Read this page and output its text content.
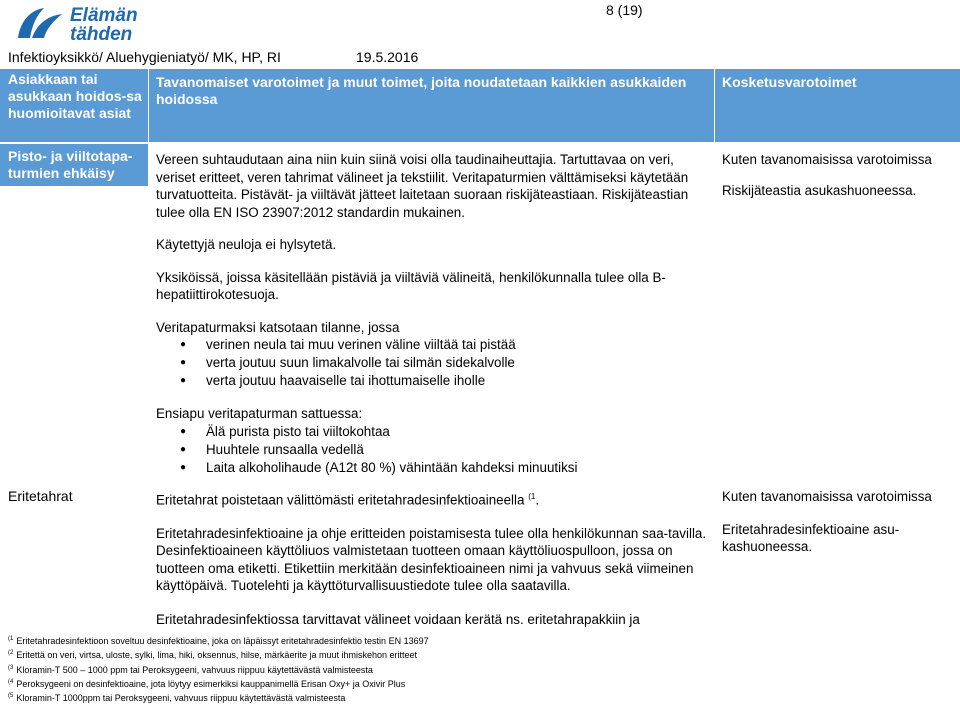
Elämän
tähden
8 (19)
Infektioyksikkö/ Aluehygieniatyö/ MK, HP, RI	19.5.2016
Asiakkaan tai asukkaan hoidos-sa huomioitavat asiat
Tavanomaiset varotoimet ja muut toimet, joita noudatetaan kaikkien asukkaiden hoidossa
Kosketusvarotoimet
Pisto- ja viiltotapa-turmien ehkäisy
Vereen suhtaudutaan aina niin kuin siinä voisi olla taudinaiheuttajia. Tartuttavaa on veri, veriset eritteet, veren tahrimat välineet ja tekstiilit. Veritapaturmien välttämiseksi käytetään turvatuotteita. Pistävät- ja viiltävät jätteet laitetaan suoraan riskijäteastiaan. Riskijäteastian tulee olla EN ISO 23907:2012 standardin mukainen.
Käytettyjä neuloja ei hylsytetä.
Yksiköissä, joissa käsitellään pistäviä ja viiltäviä välineitä, henkilökunnalla tulee olla B-hepatiittirokotesuoja.
Veritapaturmaksi katsotaan tilanne, jossa
● verinen neula tai muu verinen väline viiltää tai pistää
● verta joutuu suun limakalvolle tai silmän sidekalvolle
● verta joutuu haavaiselle tai ihottumaiselle iholle
Ensiapu veritapaturman sattuessa:
● Älä purista pisto tai viiltokohtaa
● Huuhtele runsaalla vedellä
● Laita alkoholihaude (A12t 80 %) vähintään kahdeksi minuutiksi
Kuten tavanomaisissa varotoimissa
Riskijäteastia asukashuoneessa.
Eritetahrat	Eritetahrat poistetaan välittömästi eritetahradesinfektioaineella $^{(1}$.
Eritetahradesinfektioaine ja ohje eritteiden poistamisesta tulee olla henkilökunnan saa-tavilla. Desinfektioaineen käyttöliuos valmistetaan tuotteen omaan käyttöliuospulloon, jossa on tuotteen oma etiketti. Etikettiin merkitään desinfektioaineen nimi ja vahvuus sekä viimeinen käyttöpäivä. Tuotelehti ja käyttöturvallisuustiedote tulee olla saatavilla.
Eritetahradesinfektiossa tarvittavat välineet voidaan kerätä ns. eritetahrapakkiin ja
Kuten tavanomaisissa varotoimissa
Eritetahradesinfektioaine asu-kashuoneessa.
$^{(1}$ Eritetahradesinfektioon soveltuu desinfektioaine, joka on läpäissyt eritetahradesinfektio testin EN 13697
$^{(2}$ Eritettä on veri, virtsa, uloste, sylki, lima, hiki, oksennus, hilse, märkäerite ja muut ihmiskehon eritteet
$^{(3}$ Kloramin-T 500 – 1000 ppm tai Peroksygeeni, vahvuus riippuu käytettävästä valmisteesta
$^{(4}$ Peroksygeeni on desinfektioaine, jota löytyy esimerkiksi kauppanimellä Erisan Oxy+ ja Oxivir Plus
$^{(5}$ Kloramin-T 1000ppm tai Peroksygeeni, vahvuus riippuu käytettävästä valmisteesta
